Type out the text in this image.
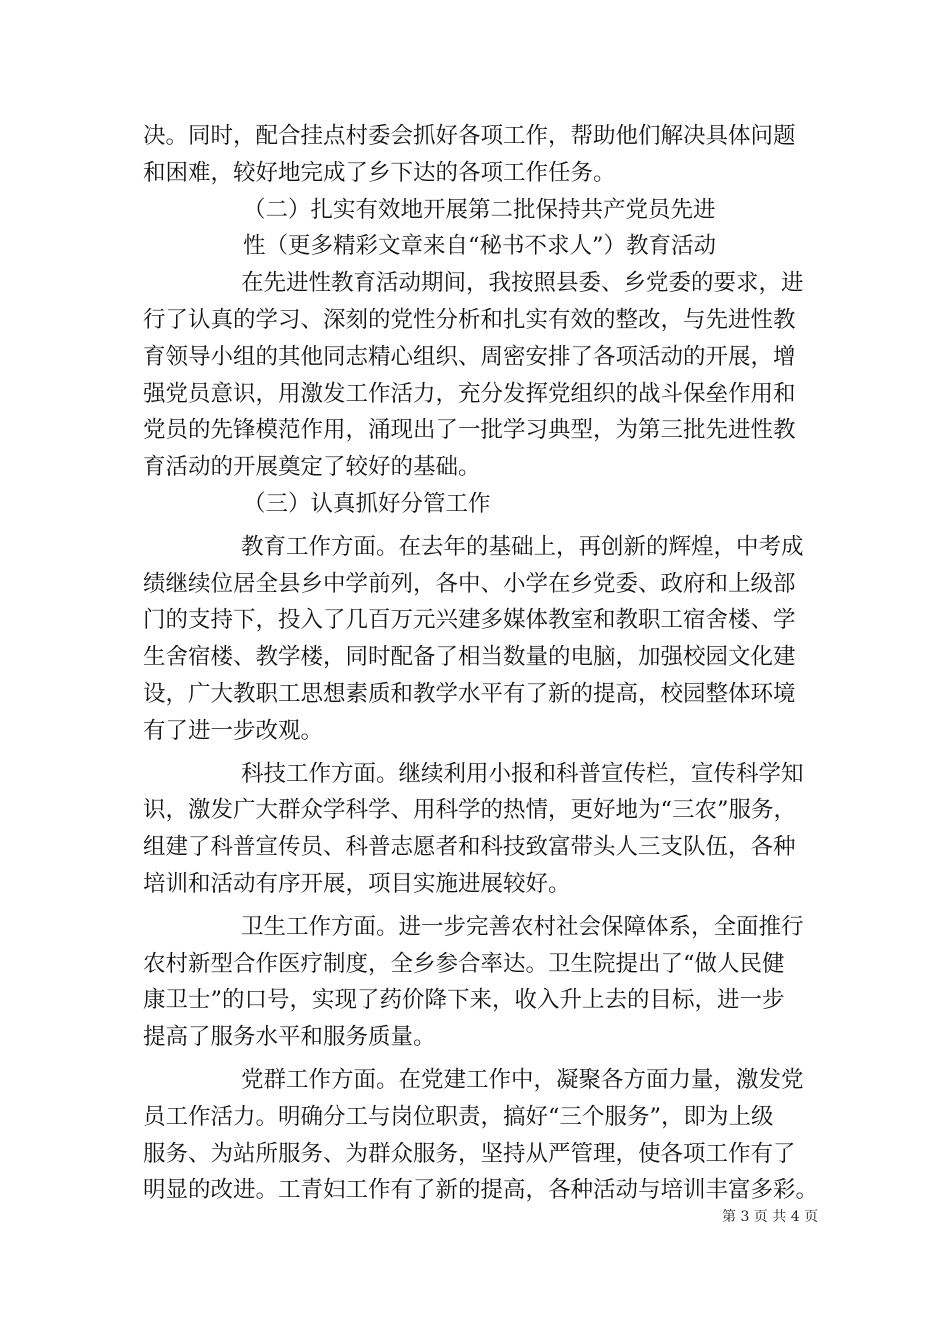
决。同时，配合挂点村委会抓好各项工作，帮助他们解决具体问题
和困难，较好地完成了乡下达的各项工作任务。
（二）扎实有效地开展第二批保持共产党员先进
性（更多精彩文章来自“秘书不求人”）教育活动
在先进性教育活动期间，我按照县委、乡党委的要求，进
行了认真的学习、深刻的党性分析和扎实有效的整改，与先进性教
育领导小组的其他同志精心组织、周密安排了各项活动的开展，增
强党员意识，用激发工作活力，充分发挥党组织的战斗保垒作用和
党员的先锋模范作用，涌现出了一批学习典型，为第三批先进性教
育活动的开展奠定了较好的基础。
（三）认真抓好分管工作
教育工作方面。在去年的基础上，再创新的辉煌，中考成
绩继续位居全县乡中学前列，各中、小学在乡党委、政府和上级部
门的支持下，投入了几百万元兴建多媒体教室和教职工宿舍楼、学
生舍宿楼、教学楼，同时配备了相当数量的电脑，加强校园文化建
设，广大教职工思想素质和教学水平有了新的提高，校园整体环境
有了进一步改观。
科技工作方面。继续利用小报和科普宣传栏，宣传科学知
识，激发广大群众学科学、用科学的热情，更好地为“三农”服务，
组建了科普宣传员、科普志愿者和科技致富带头人三支队伍，各种
培训和活动有序开展，项目实施进展较好。
卫生工作方面。进一步完善农村社会保障体系，全面推行
农村新型合作医疗制度，全乡参合率达。卫生院提出了“做人民健
康卫士”的口号，实现了药价降下来，收入升上去的目标，进一步
提高了服务水平和服务质量。
党群工作方面。在党建工作中，凝聚各方面力量，激发党
员工作活力。明确分工与岗位职责，搞好“三个服务”，即为上级
服务、为站所服务、为群众服务，坚持从严管理，使各项工作有了
明显的改进。工青妇工作有了新的提高，各种活动与培训丰富多彩。
第 3 页 共 4 页
